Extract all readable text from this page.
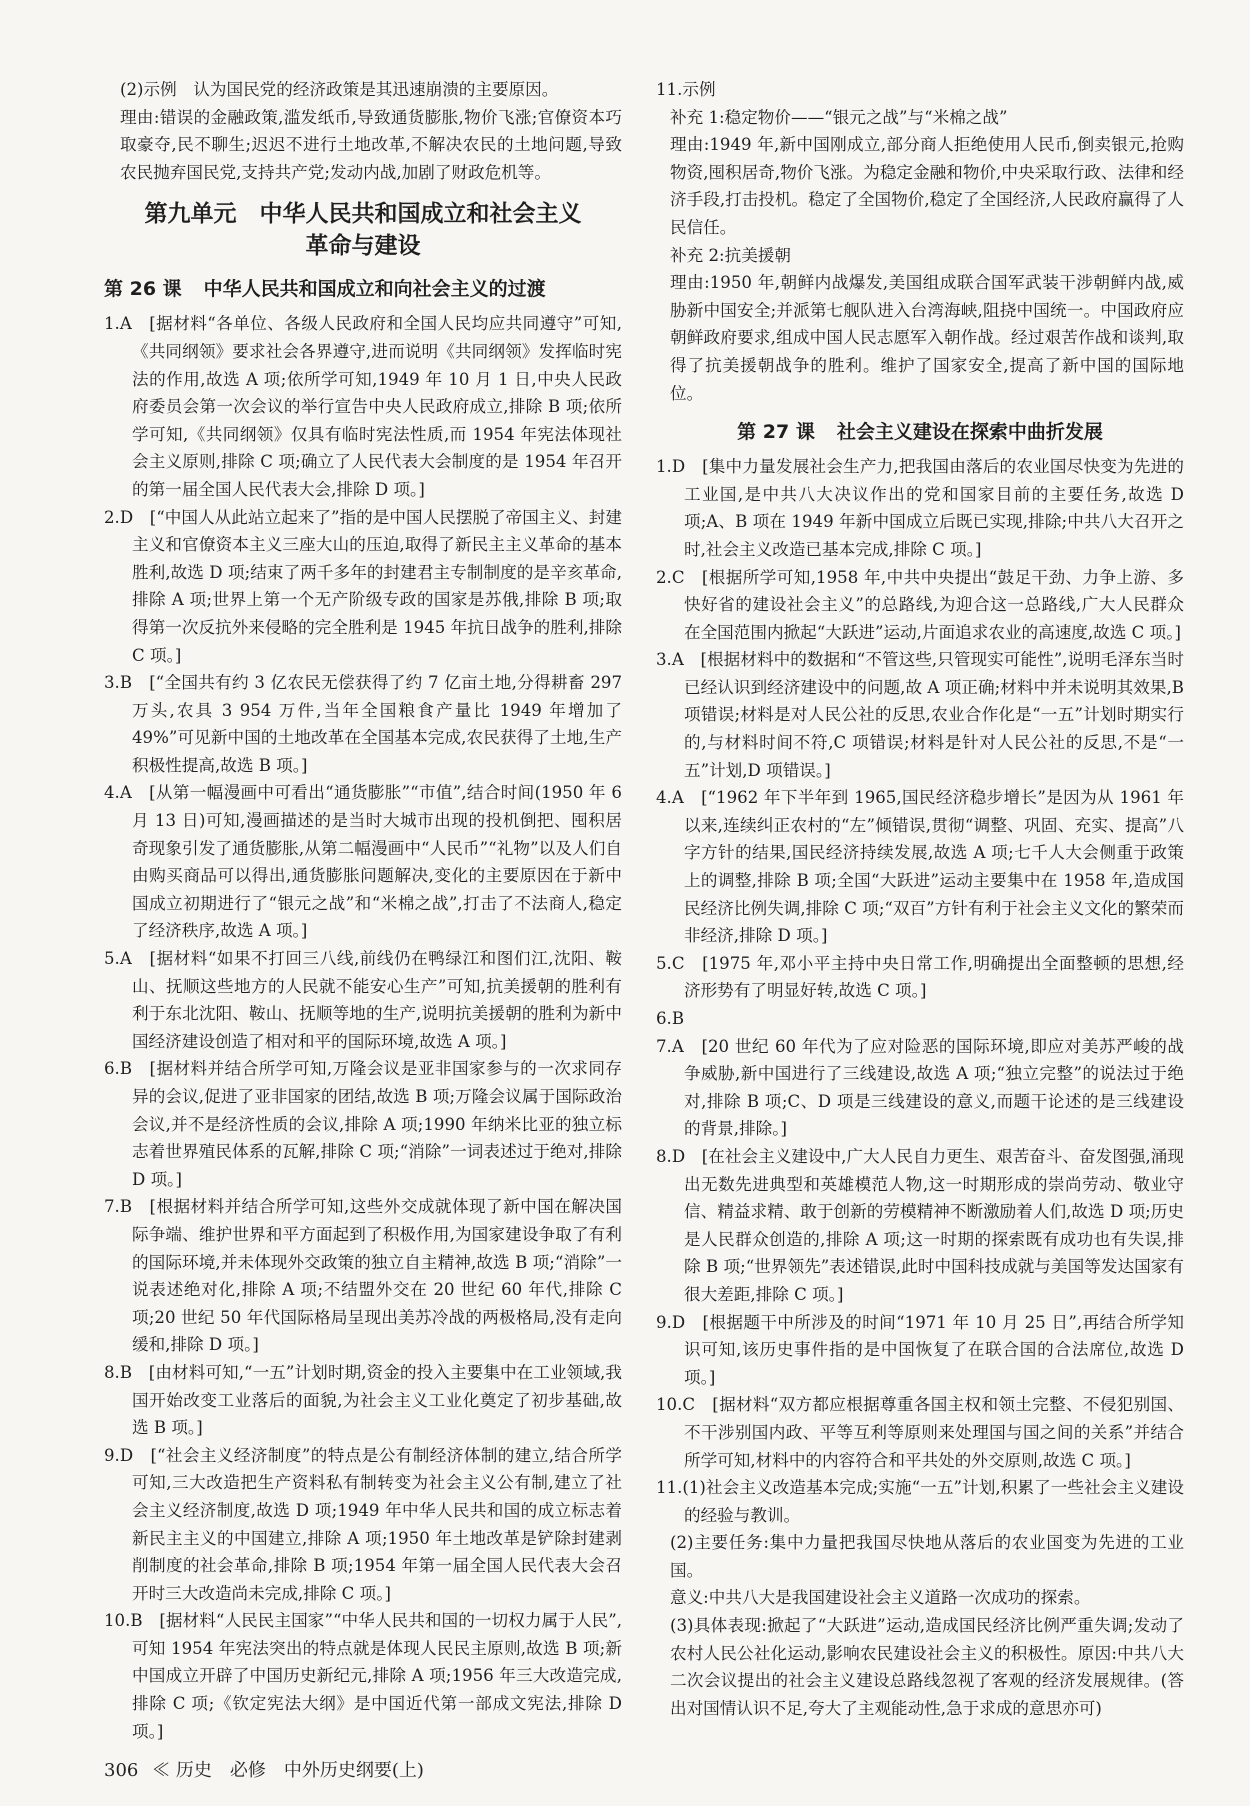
(2)示例　认为国民党的经济政策是其迅速崩溃的主要原因。

理由:错误的金融政策,滥发纸币,导致通货膨胀,物价飞涨;官僚资本巧取豪夺,民不聊生;迟迟不进行土地改革,不解决农民的土地问题,导致农民抛弃国民党,支持共产党;发动内战,加剧了财政危机等。

第九单元　中华人民共和国成立和社会主义
革命与建设
第 26 课 中华人民共和国成立和向社会主义的过渡

1.A　[据材料“各单位、各级人民政府和全国人民均应共同遵守”可知,《共同纲领》要求社会各界遵守,进而说明《共同纲领》发挥临时宪法的作用,故选 A 项;依所学可知,1949 年 10 月 1 日,中央人民政府委员会第一次会议的举行宣告中央人民政府成立,排除 B 项;依所学可知,《共同纲领》仅具有临时宪法性质,而 1954 年宪法体现社会主义原则,排除 C 项;确立了人民代表大会制度的是 1954 年召开的第一届全国人民代表大会,排除 D 项。]

2.D　[“中国人从此站立起来了”指的是中国人民摆脱了帝国主义、封建主义和官僚资本主义三座大山的压迫,取得了新民主主义革命的基本胜利,故选 D 项;结束了两千多年的封建君主专制制度的是辛亥革命,排除 A 项;世界上第一个无产阶级专政的国家是苏俄,排除 B 项;取得第一次反抗外来侵略的完全胜利是 1945 年抗日战争的胜利,排除 C 项。]

3.B　[“全国共有约 3 亿农民无偿获得了约 7 亿亩土地,分得耕畜 297 万头,农具 3 954 万件,当年全国粮食产量比 1949 年增加了 49%”可见新中国的土地改革在全国基本完成,农民获得了土地,生产积极性提高,故选 B 项。]

4.A　[从第一幅漫画中可看出“通货膨胀”“市值”,结合时间(1950 年 6 月 13 日)可知,漫画描述的是当时大城市出现的投机倒把、囤积居奇现象引发了通货膨胀,从第二幅漫画中“人民币”“礼物”以及人们自由购买商品可以得出,通货膨胀问题解决,变化的主要原因在于新中国成立初期进行了“银元之战”和“米棉之战”,打击了不法商人,稳定了经济秩序,故选 A 项。]

5.A　[据材料“如果不打回三八线,前线仍在鸭绿江和图们江,沈阳、鞍山、抚顺这些地方的人民就不能安心生产”可知,抗美援朝的胜利有利于东北沈阳、鞍山、抚顺等地的生产,说明抗美援朝的胜利为新中国经济建设创造了相对和平的国际环境,故选 A 项。]

6.B　[据材料并结合所学可知,万隆会议是亚非国家参与的一次求同存异的会议,促进了亚非国家的团结,故选 B 项;万隆会议属于国际政治会议,并不是经济性质的会议,排除 A 项;1990 年纳米比亚的独立标志着世界殖民体系的瓦解,排除 C 项;“消除”一词表述过于绝对,排除 D 项。]

7.B　[根据材料并结合所学可知,这些外交成就体现了新中国在解决国际争端、维护世界和平方面起到了积极作用,为国家建设争取了有利的国际环境,并未体现外交政策的独立自主精神,故选 B 项;“消除”一说表述绝对化,排除 A 项;不结盟外交在 20 世纪 60 年代,排除 C 项;20 世纪 50 年代国际格局呈现出美苏冷战的两极格局,没有走向缓和,排除 D 项。]

8.B　[由材料可知,“一五”计划时期,资金的投入主要集中在工业领域,我国开始改变工业落后的面貌,为社会主义工业化奠定了初步基础,故选 B 项。]

9.D　[“社会主义经济制度”的特点是公有制经济体制的建立,结合所学可知,三大改造把生产资料私有制转变为社会主义公有制,建立了社会主义经济制度,故选 D 项;1949 年中华人民共和国的成立标志着新民主主义的中国建立,排除 A 项;1950 年土地改革是铲除封建剥削制度的社会革命,排除 B 项;1954 年第一届全国人民代表大会召开时三大改造尚未完成,排除 C 项。]

10.B　[据材料“人民民主国家”“中华人民共和国的一切权力属于人民”,可知 1954 年宪法突出的特点就是体现人民民主原则,故选 B 项;新中国成立开辟了中国历史新纪元,排除 A 项;1956 年三大改造完成,排除 C 项;《钦定宪法大纲》是中国近代第一部成文宪法,排除 D 项。]

11.示例

补充 1:稳定物价——“银元之战”与“米棉之战”

理由:1949 年,新中国刚成立,部分商人拒绝使用人民币,倒卖银元,抢购物资,囤积居奇,物价飞涨。为稳定金融和物价,中央采取行政、法律和经济手段,打击投机。稳定了全国物价,稳定了全国经济,人民政府赢得了人民信任。

补充 2:抗美援朝

理由:1950 年,朝鲜内战爆发,美国组成联合国军武装干涉朝鲜内战,威胁新中国安全;并派第七舰队进入台湾海峡,阻挠中国统一。中国政府应朝鲜政府要求,组成中国人民志愿军入朝作战。经过艰苦作战和谈判,取得了抗美援朝战争的胜利。维护了国家安全,提高了新中国的国际地位。

第 27 课 社会主义建设在探索中曲折发展

1.D　[集中力量发展社会生产力,把我国由落后的农业国尽快变为先进的工业国,是中共八大决议作出的党和国家目前的主要任务,故选 D 项;A、B 项在 1949 年新中国成立后既已实现,排除;中共八大召开之时,社会主义改造已基本完成,排除 C 项。]

2.C　[根据所学可知,1958 年,中共中央提出“鼓足干劲、力争上游、多快好省的建设社会主义”的总路线,为迎合这一总路线,广大人民群众在全国范围内掀起“大跃进”运动,片面追求农业的高速度,故选 C 项。]

3.A　[根据材料中的数据和“不管这些,只管现实可能性”,说明毛泽东当时已经认识到经济建设中的问题,故 A 项正确;材料中并未说明其效果,B 项错误;材料是对人民公社的反思,农业合作化是“一五”计划时期实行的,与材料时间不符,C 项错误;材料是针对人民公社的反思,不是“一五”计划,D 项错误。]

4.A　[“1962 年下半年到 1965,国民经济稳步增长”是因为从 1961 年以来,连续纠正农村的“左”倾错误,贯彻“调整、巩固、充实、提高”八字方针的结果,国民经济持续发展,故选 A 项;七千人大会侧重于政策上的调整,排除 B 项;全国“大跃进”运动主要集中在 1958 年,造成国民经济比例失调,排除 C 项;“双百”方针有利于社会主义文化的繁荣而非经济,排除 D 项。]

5.C　[1975 年,邓小平主持中央日常工作,明确提出全面整顿的思想,经济形势有了明显好转,故选 C 项。]

6.B

7.A　[20 世纪 60 年代为了应对险恶的国际环境,即应对美苏严峻的战争威胁,新中国进行了三线建设,故选 A 项;“独立完整”的说法过于绝对,排除 B 项;C、D 项是三线建设的意义,而题干论述的是三线建设的背景,排除。]

8.D　[在社会主义建设中,广大人民自力更生、艰苦奋斗、奋发图强,涌现出无数先进典型和英雄模范人物,这一时期形成的崇尚劳动、敬业守信、精益求精、敢于创新的劳模精神不断激励着人们,故选 D 项;历史是人民群众创造的,排除 A 项;这一时期的探索既有成功也有失误,排除 B 项;“世界领先”表述错误,此时中国科技成就与美国等发达国家有很大差距,排除 C 项。]

9.D　[根据题干中所涉及的时间“1971 年 10 月 25 日”,再结合所学知识可知,该历史事件指的是中国恢复了在联合国的合法席位,故选 D 项。]

10.C　[据材料“双方都应根据尊重各国主权和领土完整、不侵犯别国、不干涉别国内政、平等互利等原则来处理国与国之间的关系”并结合所学可知,材料中的内容符合和平共处的外交原则,故选 C 项。]

11.(1)社会主义改造基本完成;实施“一五”计划,积累了一些社会主义建设的经验与教训。

(2)主要任务:集中力量把我国尽快地从落后的农业国变为先进的工业国。

意义:中共八大是我国建设社会主义道路一次成功的探索。

(3)具体表现:掀起了“大跃进”运动,造成国民经济比例严重失调;发动了农村人民公社化运动,影响农民建设社会主义的积极性。原因:中共八大二次会议提出的社会主义建设总路线忽视了客观的经济发展规律。(答出对国情认识不足,夸大了主观能动性,急于求成的意思亦可)

306 ≪ 历史　必修　中外历史纲要(上)
